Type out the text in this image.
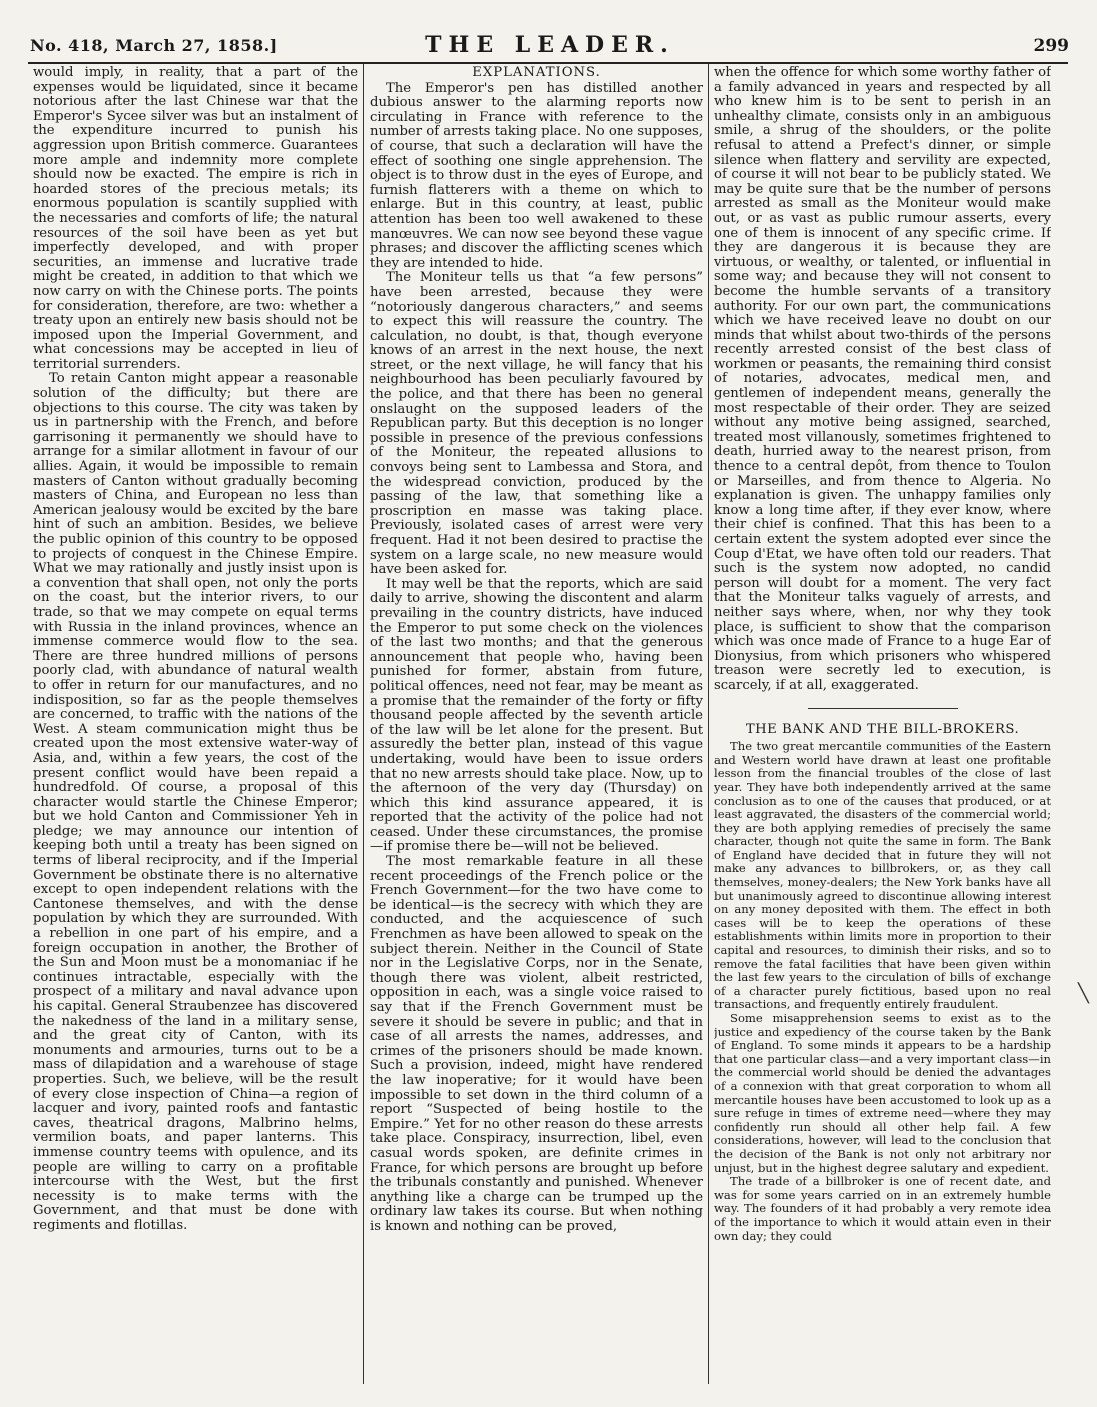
No. 418, March 27, 1858.]	THE LEADER.	299

would imply, in reality, that a part of the expenses would be liquidated, since it became notorious after the last Chinese war that the Emperor's Sycee silver was but an instalment of the expenditure incurred to punish his aggression upon British commerce. Guarantees more ample and indemnity more complete should now be exacted. The empire is rich in hoarded stores of the precious metals; its enormous population is scantily supplied with the necessaries and comforts of life; the natural resources of the soil have been as yet but imperfectly developed, and with proper securities, an immense and lucrative trade might be created, in addition to that which we now carry on with the Chinese ports. The points for consideration, therefore, are two: whether a treaty upon an entirely new basis should not be imposed upon the Imperial Government, and what concessions may be accepted in lieu of territorial surrenders.

To retain Canton might appear a reasonable solution of the difficulty; but there are objections to this course. The city was taken by us in partnership with the French, and before garrisoning it permanently we should have to arrange for a similar allotment in favour of our allies. Again, it would be impossible to remain masters of Canton without gradually becoming masters of China, and European no less than American jealousy would be excited by the bare hint of such an ambition. Besides, we believe the public opinion of this country to be opposed to projects of conquest in the Chinese Empire. What we may rationally and justly insist upon is a convention that shall open, not only the ports on the coast, but the interior rivers, to our trade, so that we may compete on equal terms with Russia in the inland provinces, whence an immense commerce would flow to the sea. There are three hundred millions of persons poorly clad, with abundance of natural wealth to offer in return for our manufactures, and no indisposition, so far as the people themselves are concerned, to traffic with the nations of the West. A steam communication might thus be created upon the most extensive water-way of Asia, and, within a few years, the cost of the present conflict would have been repaid a hundredfold. Of course, a proposal of this character would startle the Chinese Emperor; but we hold Canton and Commissioner Yeh in pledge; we may announce our intention of keeping both until a treaty has been signed on terms of liberal reciprocity, and if the Imperial Government be obstinate there is no alternative except to open independent relations with the Cantonese themselves, and with the dense population by which they are surrounded. With a rebellion in one part of his empire, and a foreign occupation in another, the Brother of the Sun and Moon must be a monomaniac if he continues intractable, especially with the prospect of a military and naval advance upon his capital. General Straubenzee has discovered the nakedness of the land in a military sense, and the great city of Canton, with its monuments and armouries, turns out to be a mass of dilapidation and a warehouse of stage properties. Such, we believe, will be the result of every close inspection of China—a region of lacquer and ivory, painted roofs and fantastic caves, theatrical dragons, Malbrino helms, vermilion boats, and paper lanterns. This immense country teems with opulence, and its people are willing to carry on a profitable intercourse with the West, but the first necessity is to make terms with the Government, and that must be done with regiments and flotillas.

EXPLANATIONS.

The Emperor's pen has distilled another dubious answer to the alarming reports now circulating in France with reference to the number of arrests taking place. No one supposes, of course, that such a declaration will have the effect of soothing one single apprehension. The object is to throw dust in the eyes of Europe, and furnish flatterers with a theme on which to enlarge. But in this country, at least, public attention has been too well awakened to these manœuvres. We can now see beyond these vague phrases; and discover the afflicting scenes which they are intended to hide.

The Moniteur tells us that “a few persons” have been arrested, because they were “notoriously dangerous characters,” and seems to expect this will reassure the country. The calculation, no doubt, is that, though everyone knows of an arrest in the next house, the next street, or the next village, he will fancy that his neighbourhood has been peculiarly favoured by the police, and that there has been no general onslaught on the supposed leaders of the Republican party. But this deception is no longer possible in presence of the previous confessions of the Moniteur, the repeated allusions to convoys being sent to Lambessa and Stora, and the widespread conviction, produced by the passing of the law, that something like a proscription en masse was taking place. Previously, isolated cases of arrest were very frequent. Had it not been desired to practise the system on a large scale, no new measure would have been asked for.

It may well be that the reports, which are said daily to arrive, showing the discontent and alarm prevailing in the country districts, have induced the Emperor to put some check on the violences of the last two months; and that the generous announcement that people who, having been punished for former, abstain from future, political offences, need not fear, may be meant as a promise that the remainder of the forty or fifty thousand people affected by the seventh article of the law will be let alone for the present. But assuredly the better plan, instead of this vague undertaking, would have been to issue orders that no new arrests should take place. Now, up to the afternoon of the very day (Thursday) on which this kind assurance appeared, it is reported that the activity of the police had not ceased. Under these circumstances, the promise—if promise there be—will not be believed.

The most remarkable feature in all these recent proceedings of the French police or the French Government—for the two have come to be identical—is the secrecy with which they are conducted, and the acquiescence of such Frenchmen as have been allowed to speak on the subject therein. Neither in the Council of State nor in the Legislative Corps, nor in the Senate, though there was violent, albeit restricted, opposition in each, was a single voice raised to say that if the French Government must be severe it should be severe in public; and that in case of all arrests the names, addresses, and crimes of the prisoners should be made known. Such a provision, indeed, might have rendered the law inoperative; for it would have been impossible to set down in the third column of a report “Suspected of being hostile to the Empire.” Yet for no other reason do these arrests take place. Conspiracy, insurrection, libel, even casual words spoken, are definite crimes in France, for which persons are brought up before the tribunals constantly and punished. Whenever anything like a charge can be trumped up the ordinary law takes its course. But when nothing is known and nothing can be proved,

when the offence for which some worthy father of a family advanced in years and respected by all who knew him is to be sent to perish in an unhealthy climate, consists only in an ambiguous smile, a shrug of the shoulders, or the polite refusal to attend a Prefect's dinner, or simple silence when flattery and servility are expected, of course it will not bear to be publicly stated. We may be quite sure that be the number of persons arrested as small as the Moniteur would make out, or as vast as public rumour asserts, every one of them is innocent of any specific crime. If they are dangerous it is because they are virtuous, or wealthy, or talented, or influential in some way; and because they will not consent to become the humble servants of a transitory authority. For our own part, the communications which we have received leave no doubt on our minds that whilst about two-thirds of the persons recently arrested consist of the best class of workmen or peasants, the remaining third consist of notaries, advocates, medical men, and gentlemen of independent means, generally the most respectable of their order. They are seized without any motive being assigned, searched, treated most villanously, sometimes frightened to death, hurried away to the nearest prison, from thence to a central depôt, from thence to Toulon or Marseilles, and from thence to Algeria. No explanation is given. The unhappy families only know a long time after, if they ever know, where their chief is confined. That this has been to a certain extent the system adopted ever since the Coup d'Etat, we have often told our readers. That such is the system now adopted, no candid person will doubt for a moment. The very fact that the Moniteur talks vaguely of arrests, and neither says where, when, nor why they took place, is sufficient to show that the comparison which was once made of France to a huge Ear of Dionysius, from which prisoners who whispered treason were secretly led to execution, is scarcely, if at all, exaggerated.

THE BANK AND THE BILL-BROKERS.

The two great mercantile communities of the Eastern and Western world have drawn at least one profitable lesson from the financial troubles of the close of last year. They have both independently arrived at the same conclusion as to one of the causes that produced, or at least aggravated, the disasters of the commercial world; they are both applying remedies of precisely the same character, though not quite the same in form. The Bank of England have decided that in future they will not make any advances to billbrokers, or, as they call themselves, money-dealers; the New York banks have all but unanimously agreed to discontinue allowing interest on any money deposited with them. The effect in both cases will be to keep the operations of these establishments within limits more in proportion to their capital and resources, to diminish their risks, and so to remove the fatal facilities that have been given within the last few years to the circulation of bills of exchange of a character purely fictitious, based upon no real transactions, and frequently entirely fraudulent.

Some misapprehension seems to exist as to the justice and expediency of the course taken by the Bank of England. To some minds it appears to be a hardship that one particular class—and a very important class—in the commercial world should be denied the advantages of a connexion with that great corporation to whom all mercantile houses have been accustomed to look up as a sure refuge in times of extreme need—where they may confidently run should all other help fail. A few considerations, however, will lead to the conclusion that the decision of the Bank is not only not arbitrary nor unjust, but in the highest degree salutary and expedient.

The trade of a billbroker is one of recent date, and was for some years carried on in an extremely humble way. The founders of it had probably a very remote idea of the importance to which it would attain even in their own day; they could

╲
